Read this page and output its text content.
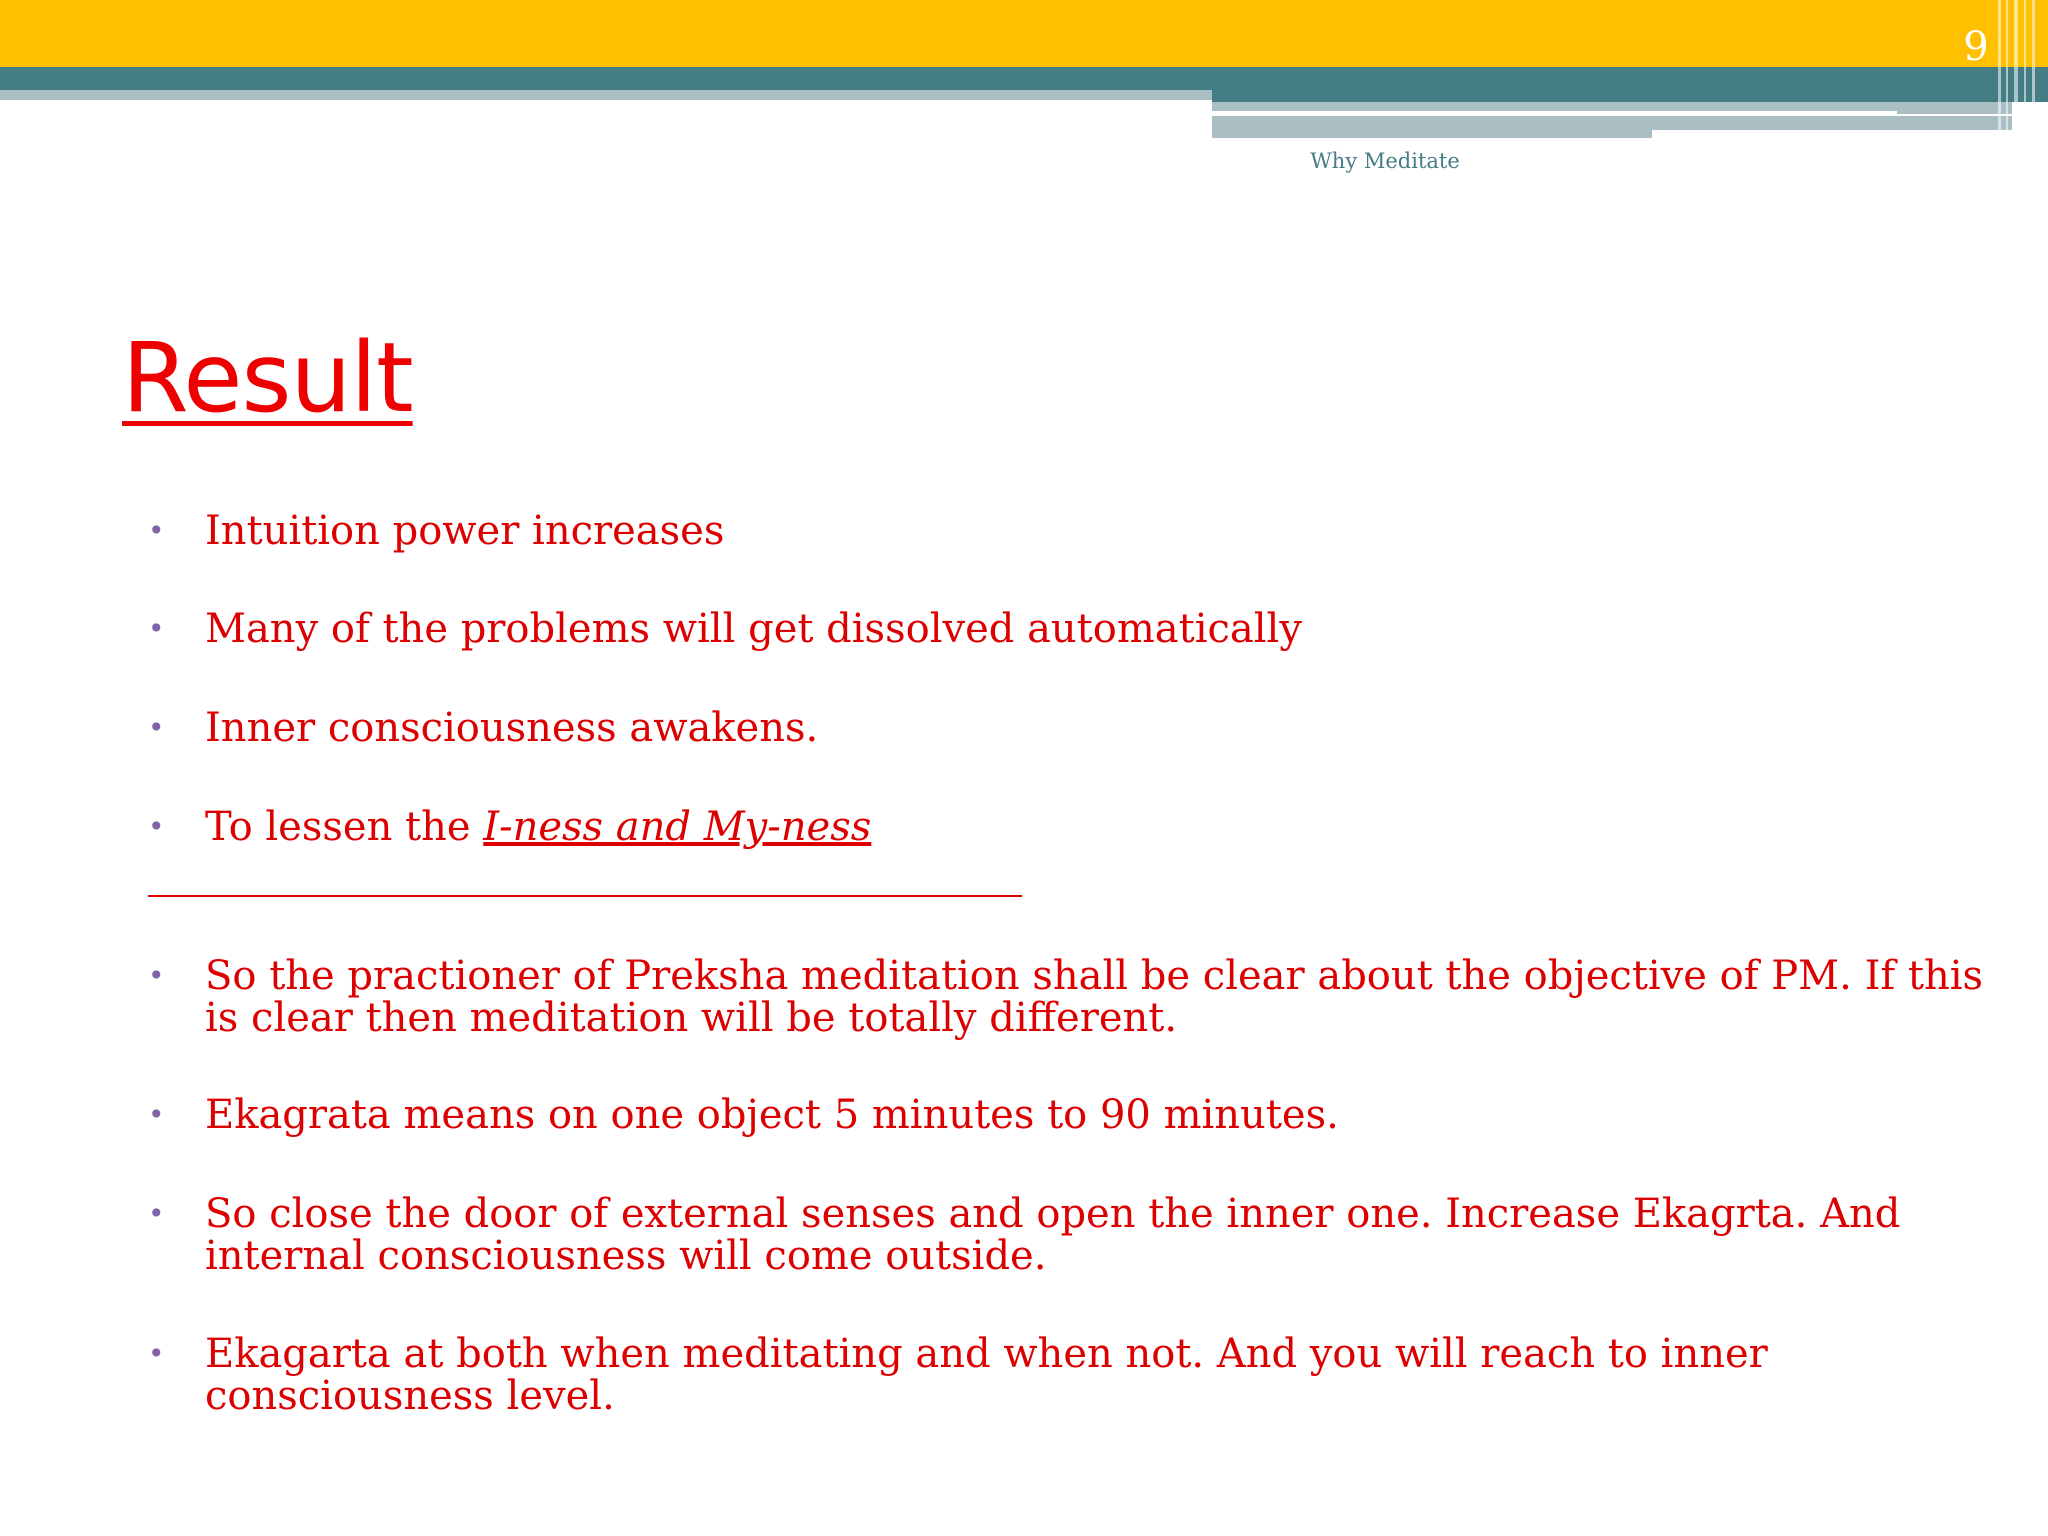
9
Why Meditate
Result
•	Intuition power increases
•	Many of the problems will get dissolved automatically
•	Inner consciousness awakens.
•	To lessen the I-ness and My-ness
•	So the practioner of Preksha meditation shall be clear about the objective of PM. If this is clear then meditation will be totally different.
•	Ekagrata means on one object 5 minutes to 90 minutes.
•	So close the door of external senses and open the inner one. Increase Ekagrta. And internal consciousness will come outside.
•	Ekagarta at both when meditating and when not. And you will reach to inner consciousness level.
